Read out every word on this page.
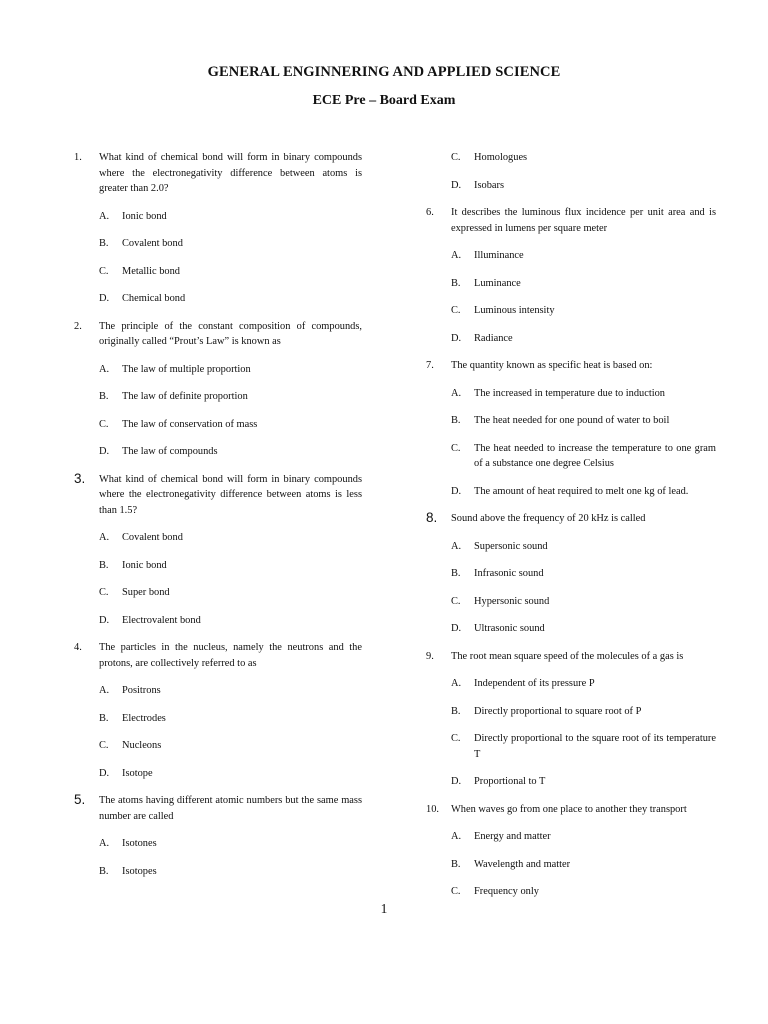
GENERAL ENGINNERING AND APPLIED SCIENCE
ECE Pre – Board Exam
1. What kind of chemical bond will form in binary compounds where the electronegativity difference between atoms is greater than 2.0?
A. Ionic bond
B. Covalent bond
C. Metallic bond
D. Chemical bond
2. The principle of the constant composition of compounds, originally called “Prout’s Law” is known as
A. The law of multiple proportion
B. The law of definite proportion
C. The law of conservation of mass
D. The law of compounds
3. What kind of chemical bond will form in binary compounds where the electronegativity difference between atoms is less than 1.5?
A. Covalent bond
B. Ionic bond
C. Super bond
D. Electrovalent bond
4. The particles in the nucleus, namely the neutrons and the protons, are collectively referred to as
A. Positrons
B. Electrodes
C. Nucleons
D. Isotope
5. The atoms having different atomic numbers but the same mass number are called
A. Isotones
B. Isotopes
C. Homologues
D. Isobars
6. It describes the luminous flux incidence per unit area and is expressed in lumens per square meter
A. Illuminance
B. Luminance
C. Luminous intensity
D. Radiance
7. The quantity known as specific heat is based on:
A. The increased in temperature due to induction
B. The heat needed for one pound of water to boil
C. The heat needed to increase the temperature to one gram of a substance one degree Celsius
D. The amount of heat required to melt one kg of lead.
8. Sound above the frequency of 20 kHz is called
A. Supersonic sound
B. Infrasonic sound
C. Hypersonic sound
D. Ultrasonic sound
9. The root mean square speed of the molecules of a gas is
A. Independent of its pressure P
B. Directly proportional to square root of P
C. Directly proportional to the square root of its temperature T
D. Proportional to T
10. When waves go from one place to another they transport
A. Energy and matter
B. Wavelength and matter
C. Frequency only
1
